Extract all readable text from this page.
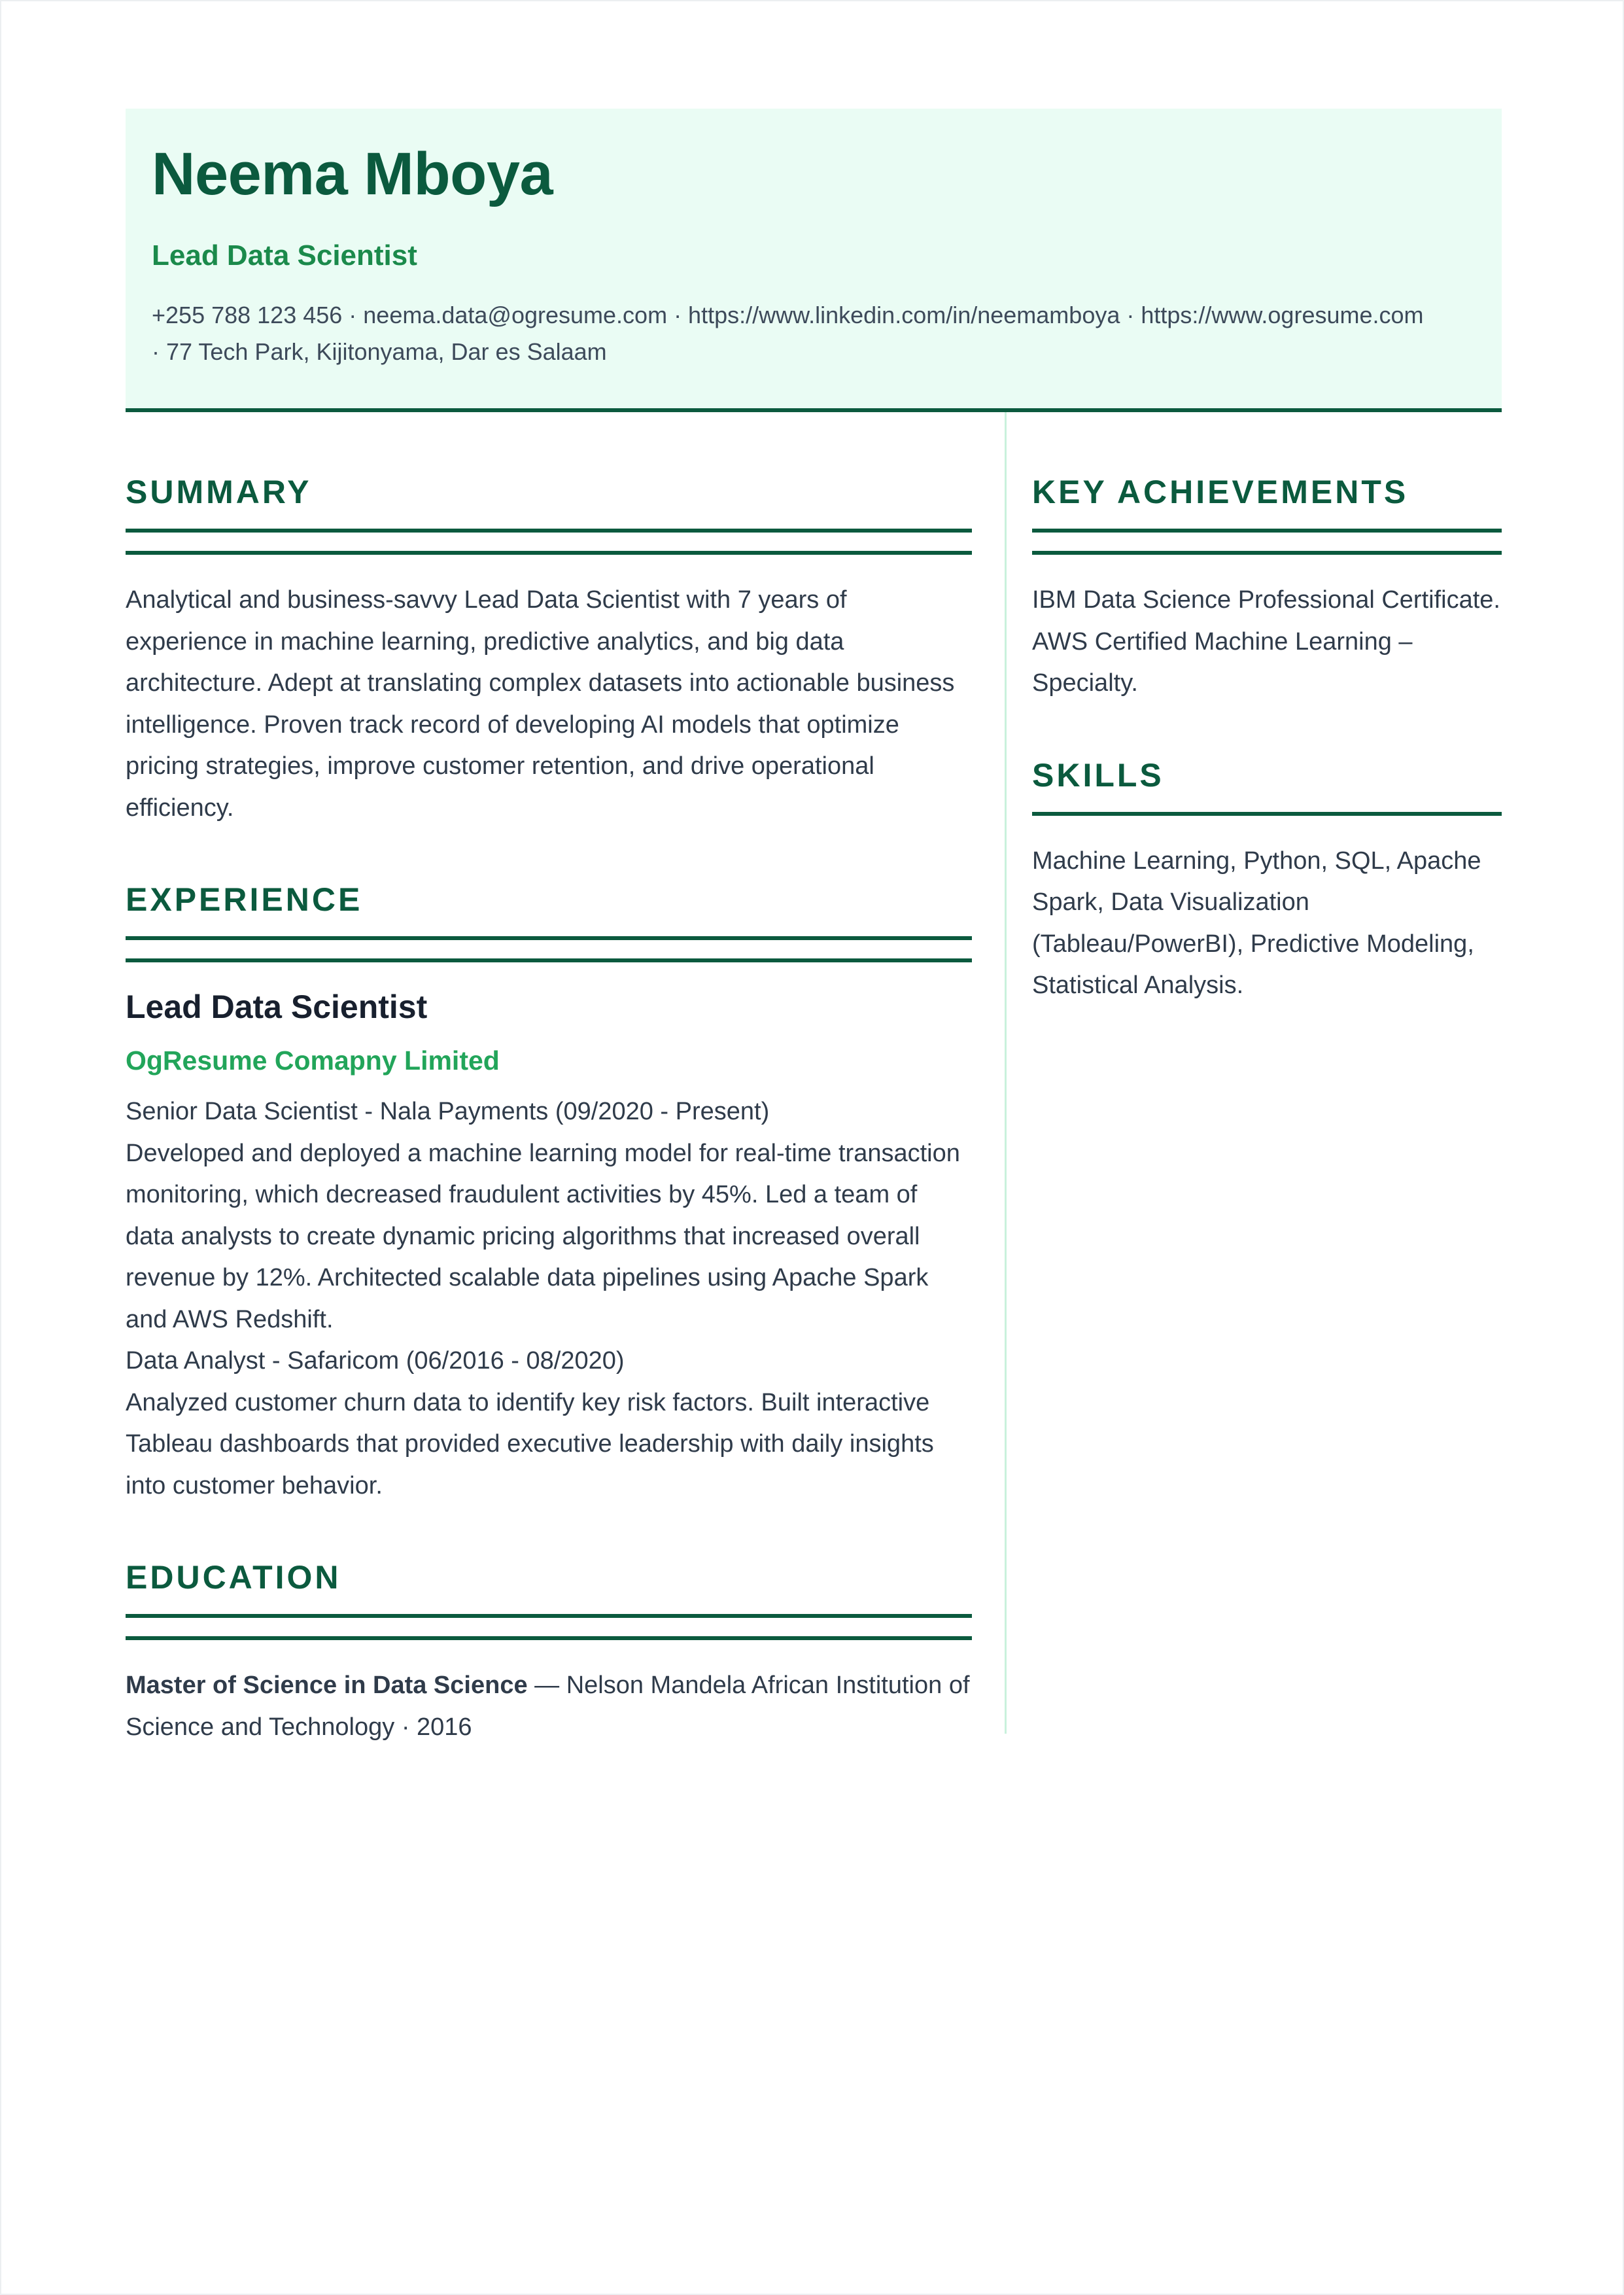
Neema Mboya
Lead Data Scientist
+255 788 123 456 · neema.data@ogresume.com · https://www.linkedin.com/in/neemamboya · https://www.ogresume.com
· 77 Tech Park, Kijitonyama, Dar es Salaam
SUMMARY
Analytical and business-savvy Lead Data Scientist with 7 years of experience in machine learning, predictive analytics, and big data architecture. Adept at translating complex datasets into actionable business intelligence. Proven track record of developing AI models that optimize pricing strategies, improve customer retention, and drive operational efficiency.
EXPERIENCE
Lead Data Scientist
OgResume Comapny Limited
Senior Data Scientist - Nala Payments (09/2020 - Present)
Developed and deployed a machine learning model for real-time transaction monitoring, which decreased fraudulent activities by 45%. Led a team of data analysts to create dynamic pricing algorithms that increased overall revenue by 12%. Architected scalable data pipelines using Apache Spark and AWS Redshift.
Data Analyst - Safaricom (06/2016 - 08/2020)
Analyzed customer churn data to identify key risk factors. Built interactive Tableau dashboards that provided executive leadership with daily insights into customer behavior.
EDUCATION
Master of Science in Data Science — Nelson Mandela African Institution of Science and Technology · 2016
KEY ACHIEVEMENTS
IBM Data Science Professional Certificate. AWS Certified Machine Learning – Specialty.
SKILLS
Machine Learning, Python, SQL, Apache Spark, Data Visualization (Tableau/PowerBI), Predictive Modeling, Statistical Analysis.
